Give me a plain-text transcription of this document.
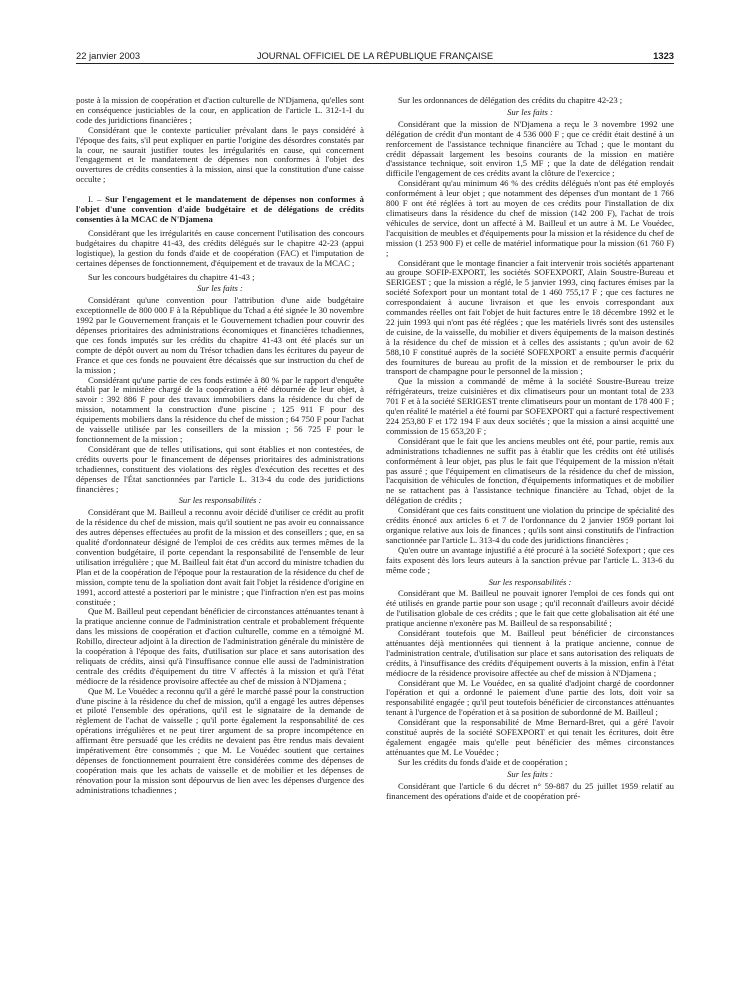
22 janvier 2003	JOURNAL OFFICIEL DE LA RÉPUBLIQUE FRANÇAISE	1323

poste à la mission de coopération et d'action culturelle de N'Djamena, qu'elles sont en conséquence justiciables de la cour, en application de l'article L. 312-1-I du code des juridictions financières ;

Considérant que le contexte particulier prévalant dans le pays considéré à l'époque des faits, s'il peut expliquer en partie l'origine des désordres constatés par la cour, ne saurait justifier toutes les irrégularités en cause, qui concernent l'engagement et le mandatement de dépenses non conformes à l'objet des ouvertures de crédits consenties à la mission, ainsi que la constitution d'une caisse occulte ;

I. – Sur l'engagement et le mandatement de dépenses non conformes à l'objet d'une convention d'aide budgétaire et de délégations de crédits consenties à la MCAC de N'Djamena

Considérant que les irrégularités en cause concernent l'utilisation des concours budgétaires du chapitre 41-43, des crédits délégués sur le chapitre 42-23 (appui logistique), la gestion du fonds d'aide et de coopération (FAC) et l'imputation de certaines dépenses de fonctionnement, d'équipement et de travaux de la MCAC ;

Sur les concours budgétaires du chapitre 41-43 ;

Sur les faits :

Considérant qu'une convention pour l'attribution d'une aide budgétaire exceptionnelle de 800 000 F à la République du Tchad a été signée le 30 novembre 1992 par le Gouvernement français et le Gouvernement tchadien pour couvrir des dépenses prioritaires des administrations économiques et financières tchadiennes, que ces fonds imputés sur les crédits du chapitre 41-43 ont été placés sur un compte de dépôt ouvert au nom du Trésor tchadien dans les écritures du payeur de France et que ces fonds ne pouvaient être décaissés que sur instruction du chef de la mission ;

Considérant qu'une partie de ces fonds estimée à 80 % par le rapport d'enquête établi par le ministère chargé de la coopération a été détournée de leur objet, à savoir : 392 886 F pour des travaux immobiliers dans la résidence du chef de mission, notamment la construction d'une piscine ; 125 911 F pour des équipements mobiliers dans la résidence du chef de mission ; 64 750 F pour l'achat de vaisselle utilisée par les conseillers de la mission ; 56 725 F pour le fonctionnement de la mission ;

Considérant que de telles utilisations, qui sont établies et non contestées, de crédits ouverts pour le financement de dépenses prioritaires des administrations tchadiennes, constituent des violations des règles d'exécution des recettes et des dépenses de l'État sanctionnées par l'article L. 313-4 du code des juridictions financières ;

Sur les responsabilités :

Considérant que M. Bailleul a reconnu avoir décidé d'utiliser ce crédit au profit de la résidence du chef de mission, mais qu'il soutient ne pas avoir eu connaissance des autres dépenses effectuées au profit de la mission et des conseillers ; que, en sa qualité d'ordonnateur désigné de l'emploi de ces crédits aux termes mêmes de la convention budgétaire, il porte cependant la responsabilité de l'ensemble de leur utilisation irrégulière ; que M. Bailleul fait état d'un accord du ministre tchadien du Plan et de la coopération de l'époque pour la restauration de la résidence du chef de mission, compte tenu de la spoliation dont avait fait l'objet la résidence d'origine en 1991, accord attesté a posteriori par le ministre ; que l'infraction n'en est pas moins constituée ;

Que M. Bailleul peut cependant bénéficier de circonstances atténuantes tenant à la pratique ancienne connue de l'administration centrale et probablement fréquente dans les missions de coopération et d'action culturelle, comme en a témoigné M. Robillo, directeur adjoint à la direction de l'administration générale du ministère de la coopération à l'époque des faits, d'utilisation sur place et sans autorisation des reliquats de crédits, ainsi qu'à l'insuffisance connue elle aussi de l'administration centrale des crédits d'équipement du titre V affectés à la mission et qu'à l'état médiocre de la résidence provisoire affectée au chef de mission à N'Djamena ;

Que M. Le Vouédec a reconnu qu'il a géré le marché passé pour la construction d'une piscine à la résidence du chef de mission, qu'il a engagé les autres dépenses et piloté l'ensemble des opérations, qu'il est le signataire de la demande de règlement de l'achat de vaisselle ; qu'il porte également la responsabilité de ces opérations irrégulières et ne peut tirer argument de sa propre incompétence en affirmant être persuadé que les crédits ne devaient pas être rendus mais devaient impérativement être consommés ; que M. Le Vouédec soutient que certaines dépenses de fonctionnement pourraient être considérées comme des dépenses de coopération mais que les achats de vaisselle et de mobilier et les dépenses de rénovation pour la mission sont dépourvus de lien avec les dépenses d'urgence des administrations tchadiennes ;

Sur les ordonnances de délégation des crédits du chapitre 42-23 ;

Sur les faits :

Considérant que la mission de N'Djamena a reçu le 3 novembre 1992 une délégation de crédit d'un montant de 4 536 000 F ; que ce crédit était destiné à un renforcement de l'assistance technique financière au Tchad ; que le montant du crédit dépassait largement les besoins courants de la mission en matière d'assistance technique, soit environ 1,5 MF ; que la date de délégation rendait difficile l'engagement de ces crédits avant la clôture de l'exercice ;

Considérant qu'au minimum 46 % des crédits délégués n'ont pas été employés conformément à leur objet ; que notamment des dépenses d'un montant de 1 766 800 F ont été réglées à tort au moyen de ces crédits pour l'installation de dix climatiseurs dans la résidence du chef de mission (142 200 F), l'achat de trois véhicules de service, dont un affecté à M. Bailleul et un autre à M. Le Vouédec, l'acquisition de meubles et d'équipements pour la mission et la résidence du chef de mission (1 253 900 F) et celle de matériel informatique pour la mission (61 760 F) ;

Considérant que le montage financier a fait intervenir trois sociétés appartenant au groupe SOFIP-EXPORT, les sociétés SOFEXPORT, Alain Soustre-Bureau et SERIGEST ; que la mission a réglé, le 5 janvier 1993, cinq factures émises par la société Sofexport pour un montant total de 1 460 755,17 F ; que ces factures ne correspondaient à aucune livraison et que les envois correspondant aux commandes réelles ont fait l'objet de huit factures entre le 18 décembre 1992 et le 22 juin 1993 qui n'ont pas été réglées ; que les matériels livrés sont des ustensiles de cuisine, de la vaisselle, du mobilier et divers équipements de la maison destinés à la résidence du chef de mission et à celles des assistants ; qu'un avoir de 62 588,10 F constitué auprès de la société SOFEXPORT a ensuite permis d'acquérir des fournitures de bureau au profit de la mission et de rembourser le prix du transport de champagne pour le personnel de la mission ;

Que la mission a commandé de même à la société Soustre-Bureau treize réfrigérateurs, treize cuisinières et dix climatiseurs pour un montant total de 233 701 F et à la société SERIGEST trente climatiseurs pour un montant de 178 400 F ; qu'en réalité le matériel a été fourni par SOFEXPORT qui a facturé respectivement 224 253,80 F et 172 194 F aux deux sociétés ; que la mission a ainsi acquitté une commission de 15 653,20 F ;

Considérant que le fait que les anciens meubles ont été, pour partie, remis aux administrations tchadiennes ne suffit pas à établir que les crédits ont été utilisés conformément à leur objet, pas plus le fait que l'équipement de la mission n'était pas assuré ; que l'équipement en climatiseurs de la résidence du chef de mission, l'acquisition de véhicules de fonction, d'équipements informatiques et de mobilier ne se rattachent pas à l'assistance technique financière au Tchad, objet de la délégation de crédits ;

Considérant que ces faits constituent une violation du principe de spécialité des crédits énoncé aux articles 6 et 7 de l'ordonnance du 2 janvier 1959 portant loi organique relative aux lois de finances ; qu'ils sont ainsi constitutifs de l'infraction sanctionnée par l'article L. 313-4 du code des juridictions financières ;

Qu'en outre un avantage injustifié a été procuré à la société Sofexport ; que ces faits exposent dès lors leurs auteurs à la sanction prévue par l'article L. 313-6 du même code ;

Sur les responsabilités :

Considérant que M. Bailleul ne pouvait ignorer l'emploi de ces fonds qui ont été utilisés en grande partie pour son usage ; qu'il reconnaît d'ailleurs avoir décidé de l'utilisation globale de ces crédits ; que le fait que cette globalisation ait été une pratique ancienne n'exonère pas M. Bailleul de sa responsabilité ;

Considérant toutefois que M. Bailleul peut bénéficier de circonstances atténuantes déjà mentionnées qui tiennent à la pratique ancienne, connue de l'administration centrale, d'utilisation sur place et sans autorisation des reliquats de crédits, à l'insuffisance des crédits d'équipement ouverts à la mission, enfin à l'état médiocre de la résidence provisoire affectée au chef de mission à N'Djamena ;

Considérant que M. Le Vouédec, en sa qualité d'adjoint chargé de coordonner l'opération et qui a ordonné le paiement d'une partie des lots, doit voir sa responsabilité engagée ; qu'il peut toutefois bénéficier de circonstances atténuantes tenant à l'urgence de l'opération et à sa position de subordonné de M. Bailleul ;

Considérant que la responsabilité de Mme Bernard-Bret, qui a géré l'avoir constitué auprès de la société SOFEXPORT et qui tenait les écritures, doit être également engagée mais qu'elle peut bénéficier des mêmes circonstances atténuantes que M. Le Vouédec ;

Sur les crédits du fonds d'aide et de coopération ;

Sur les faits :

Considérant que l'article 6 du décret n° 59-887 du 25 juillet 1959 relatif au financement des opérations d'aide et de coopération pré-
